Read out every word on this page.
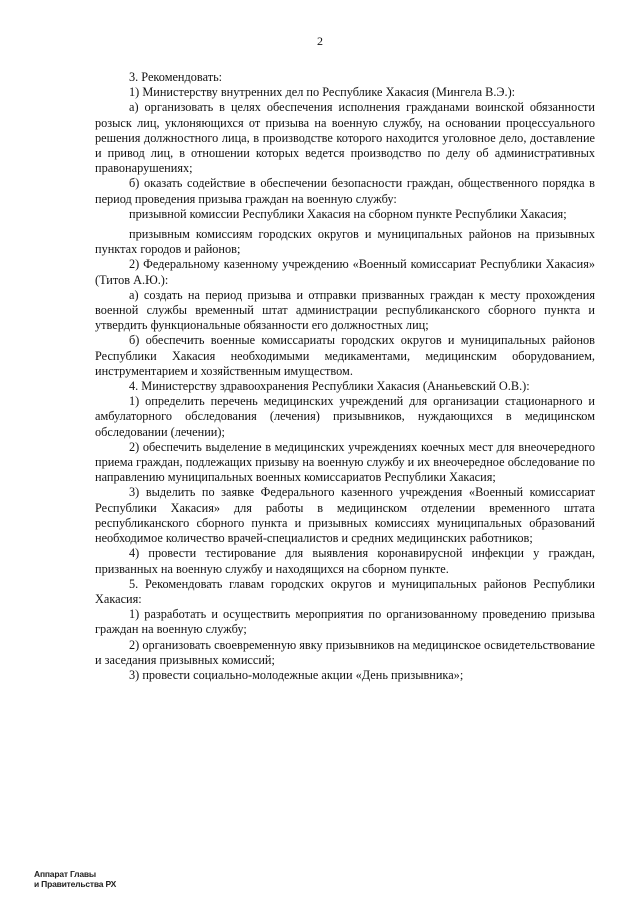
2

3. Рекомендовать:

1) Министерству внутренних дел по Республике Хакасия (Мингела В.Э.):

а) организовать в целях обеспечения исполнения гражданами воинской обязанности розыск лиц, уклоняющихся от призыва на военную службу, на основании процессуального решения должностного лица, в производстве которого находится уголовное дело, доставление и привод лиц, в отношении которых ведется производство по делу об административных правонарушениях;

б) оказать содействие в обеспечении безопасности граждан, общественного порядка в период проведения призыва граждан на военную службу:

призывной комиссии Республики Хакасия на сборном пункте Республики Хакасия;

призывным комиссиям городских округов и муниципальных районов на призывных пунктах городов и районов;

2) Федеральному казенному учреждению «Военный комиссариат Республики Хакасия» (Титов А.Ю.):

а) создать на период призыва и отправки призванных граждан к месту прохождения военной службы временный штат администрации республиканского сборного пункта и утвердить функциональные обязанности его должностных лиц;

б) обеспечить военные комиссариаты городских округов и муниципальных районов Республики Хакасия необходимыми медикаментами, медицинским оборудованием, инструментарием и хозяйственным имуществом.

4. Министерству здравоохранения Республики Хакасия (Ананьевский О.В.):

1) определить перечень медицинских учреждений для организации стационарного и амбулаторного обследования (лечения) призывников, нуждающихся в медицинском обследовании (лечении);

2) обеспечить выделение в медицинских учреждениях коечных мест для внеочередного приема граждан, подлежащих призыву на военную службу и их внеочередное обследование по направлению муниципальных военных комиссариатов Республики Хакасия;

3) выделить по заявке Федерального казенного учреждения «Военный комиссариат Республики Хакасия» для работы в медицинском отделении временного штата республиканского сборного пункта и призывных комиссиях муниципальных образований необходимое количество врачей-специалистов и средних медицинских работников;

4) провести тестирование для выявления коронавирусной инфекции у граждан, призванных на военную службу и находящихся на сборном пункте.

5. Рекомендовать главам городских округов и муниципальных районов Республики Хакасия:

1) разработать и осуществить мероприятия по организованному проведению призыва граждан на военную службу;

2) организовать своевременную явку призывников на медицинское освидетельствование и заседания призывных комиссий;

3) провести социально-молодежные акции «День призывника»;

Аппарат Главы
и Правительства РХ
